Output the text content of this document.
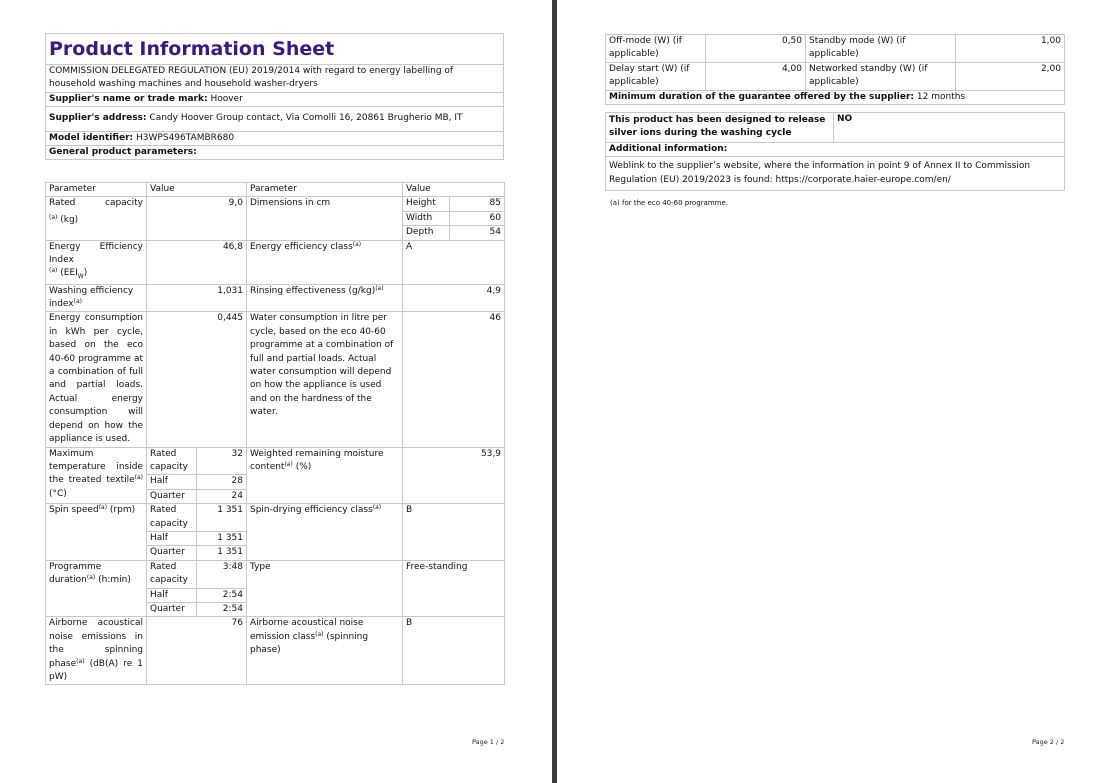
Product Information Sheet
COMMISSION DELEGATED REGULATION (EU) 2019/2014 with regard to energy labelling of household washing machines and household washer-dryers
Supplier's name or trade mark: Hoover
Supplier's address: Candy Hoover Group contact, Via Comolli 16, 20861 Brugherio MB, IT
Model identifier: H3WPS496TAMBR680
General product parameters:
Parameter	Value		Parameter	Value	

Rated capacity
$^{(a)}$ (kg)	9,0		Dimensions in cm	Height	85
				Width	60
				Depth	54

Energy Efficiency Index
$^{(a)}$ $(EEI_W)$	46,8		Energy efficiency class$^{(a)}$	A	
Washing efficiency index$^{(a)}$	1,031		Rinsing effectiveness $(g/kg)^{(a)}$	4,9	
Energy consumption in kWh per cycle, based on the eco 40-60 programme at a combination of full and partial loads. Actual energy consumption will depend on how the appliance is used.	0,445		Water consumption in litre per cycle, based on the eco 40-60 programme at a combination of full and partial loads. Actual water consumption will depend on how the appliance is used and on the hardness of the water.	46	
Maximum temperature inside the treated textile$^{(a)}$ (°C)	Rated capacity	32	Weighted remaining moisture content$^{(a)}$ (%)	53,9	
	Half	28			
	Quarter	24			
Spin speed$^{(a)}$ (rpm)	Rated capacity	1 351	Spin-drying efficiency class$^{(a)}$	B	
	Half	1 351			
	Quarter	1 351			
Programme duration$^{(a)}$ (h:min)	Rated capacity	3:48	Type	Free-standing	
	Half	2:54			
	Quarter	2:54			
Airborne acoustical noise emissions in the spinning phase$^{(a)}$ (dB(A) re 1 pW)	76		Airborne acoustical noise emission class$^{(a)}$ (spinning phase)	B	
Page 1 / 2
Off-mode (W) (if applicable)	0,50	Standby mode (W) (if applicable)	1,00
Delay start (W) (if applicable)	4,00	Networked standby (W) (if applicable)	2,00
Minimum duration of the guarantee offered by the supplier: 12 months			
This product has been designed to release silver ions during the washing cycle	NO
Additional information:
Weblink to the supplier’s website, where the information in point 9 of Annex II to Commission Regulation (EU) 2019/2023 is found: https://corporate.haier-europe.com/en/
(a) for the eco 40-60 programme.
Page 2 / 2
